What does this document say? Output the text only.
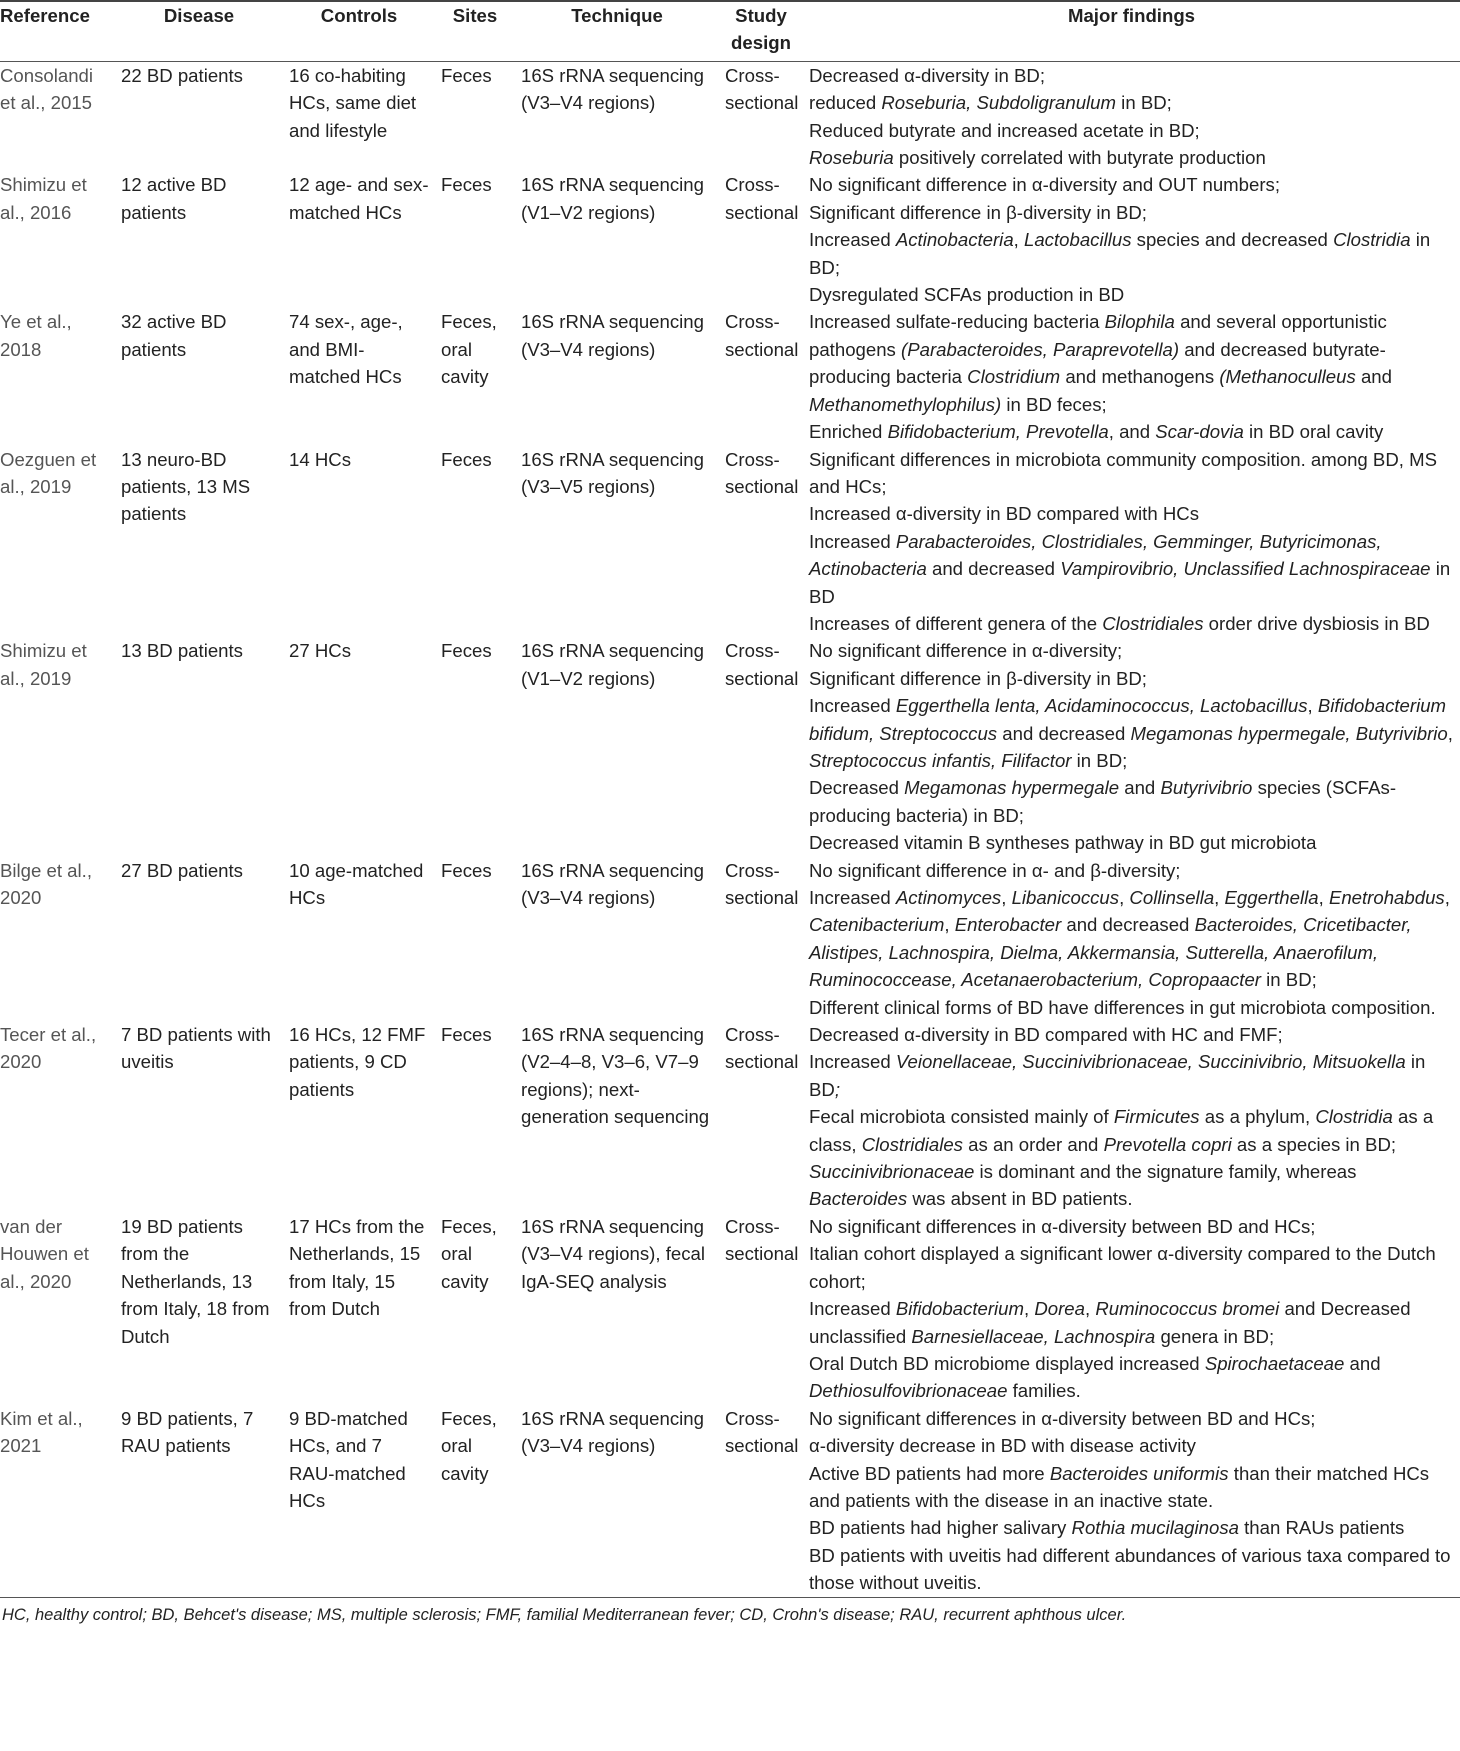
Reference	Disease	Controls	Sites	Technique	Study design	Major findings
Consolandi et al., 2015	22 BD patients	16 co-habiting HCs, same diet and lifestyle	Feces	16S rRNA sequencing (V3–V4 regions)	Cross-sectional	Decreased α-diversity in BD;
reduced Roseburia, Subdoligranulum in BD;
Reduced butyrate and increased acetate in BD;
Roseburia positively correlated with butyrate production

Shimizu et al., 2016	12 active BD patients	12 age- and sex-matched HCs	Feces	16S rRNA sequencing (V1–V2 regions)	Cross-sectional	No significant difference in α-diversity and OUT numbers;
Significant difference in β-diversity in BD;
Increased Actinobacteria, Lactobacillus species and decreased Clostridia in BD;
Dysregulated SCFAs production in BD

Ye et al., 2018	32 active BD patients	74 sex-, age-, and BMI-matched HCs	Feces, oral cavity	16S rRNA sequencing (V3–V4 regions)	Cross-sectional	Increased sulfate-reducing bacteria Bilophila and several opportunistic pathogens (Parabacteroides, Paraprevotella) and decreased butyrate-producing bacteria Clostridium and methanogens (Methanoculleus and Methanomethylophilus) in BD feces;
Enriched Bifidobacterium, Prevotella, and Scar-dovia in BD oral cavity

Oezguen et al., 2019	13 neuro-BD patients, 13 MS patients	14 HCs	Feces	16S rRNA sequencing (V3–V5 regions)	Cross-sectional	Significant differences in microbiota community composition. among BD, MS and HCs;
Increased α-diversity in BD compared with HCs
Increased Parabacteroides, Clostridiales, Gemminger, Butyricimonas, Actinobacteria and decreased Vampirovibrio, Unclassified Lachnospiraceae in BD
Increases of different genera of the Clostridiales order drive dysbiosis in BD

Shimizu et al., 2019	13 BD patients	27 HCs	Feces	16S rRNA sequencing (V1–V2 regions)	Cross-sectional	No significant difference in α-diversity;
Significant difference in β-diversity in BD;
Increased Eggerthella lenta, Acidaminococcus, Lactobacillus, Bifidobacterium bifidum, Streptococcus and decreased Megamonas hypermegale, Butyrivibrio, Streptococcus infantis, Filifactor in BD;
Decreased Megamonas hypermegale and Butyrivibrio species (SCFAs-producing bacteria) in BD;
Decreased vitamin B syntheses pathway in BD gut microbiota

Bilge et al., 2020	27 BD patients	10 age-matched HCs	Feces	16S rRNA sequencing (V3–V4 regions)	Cross-sectional	No significant difference in α- and β-diversity;
Increased Actinomyces, Libanicoccus, Collinsella, Eggerthella, Enetrohabdus, Catenibacterium, Enterobacter and decreased Bacteroides, Cricetibacter, Alistipes, Lachnospira, Dielma, Akkermansia, Sutterella, Anaerofilum, Ruminococcease, Acetanaerobacterium, Copropaacter in BD;
Different clinical forms of BD have differences in gut microbiota composition.

Tecer et al., 2020	7 BD patients with uveitis	16 HCs, 12 FMF patients, 9 CD patients	Feces	16S rRNA sequencing (V2–4–8, V3–6, V7–9 regions); next-generation sequencing	Cross-sectional	Decreased α-diversity in BD compared with HC and FMF;
Increased Veionellaceae, Succinivibrionaceae, Succinivibrio, Mitsuokella in BD;
Fecal microbiota consisted mainly of Firmicutes as a phylum, Clostridia as a class, Clostridiales as an order and Prevotella copri as a species in BD; Succinivibrionaceae is dominant and the signature family, whereas Bacteroides was absent in BD patients.

van der Houwen et al., 2020	19 BD patients from the Netherlands, 13 from Italy, 18 from Dutch	17 HCs from the Netherlands, 15 from Italy, 15 from Dutch	Feces, oral cavity	16S rRNA sequencing (V3–V4 regions), fecal IgA-SEQ analysis	Cross-sectional	No significant differences in α-diversity between BD and HCs;
Italian cohort displayed a significant lower α-diversity compared to the Dutch cohort;
Increased Bifidobacterium, Dorea, Ruminococcus bromei and Decreased unclassified Barnesiellaceae, Lachnospira genera in BD;
Oral Dutch BD microbiome displayed increased Spirochaetaceae and Dethiosulfovibrionaceae families.

Kim et al., 2021	9 BD patients, 7 RAU patients	9 BD-matched HCs, and 7 RAU-matched HCs	Feces, oral cavity	16S rRNA sequencing (V3–V4 regions)	Cross-sectional	No significant differences in α-diversity between BD and HCs;
α-diversity decrease in BD with disease activity
Active BD patients had more Bacteroides uniformis than their matched HCs and patients with the disease in an inactive state.
BD patients had higher salivary Rothia mucilaginosa than RAUs patients
BD patients with uveitis had different abundances of various taxa compared to those without uveitis.
HC, healthy control; BD, Behcet's disease; MS, multiple sclerosis; FMF, familial Mediterranean fever; CD, Crohn's disease; RAU, recurrent aphthous ulcer.
